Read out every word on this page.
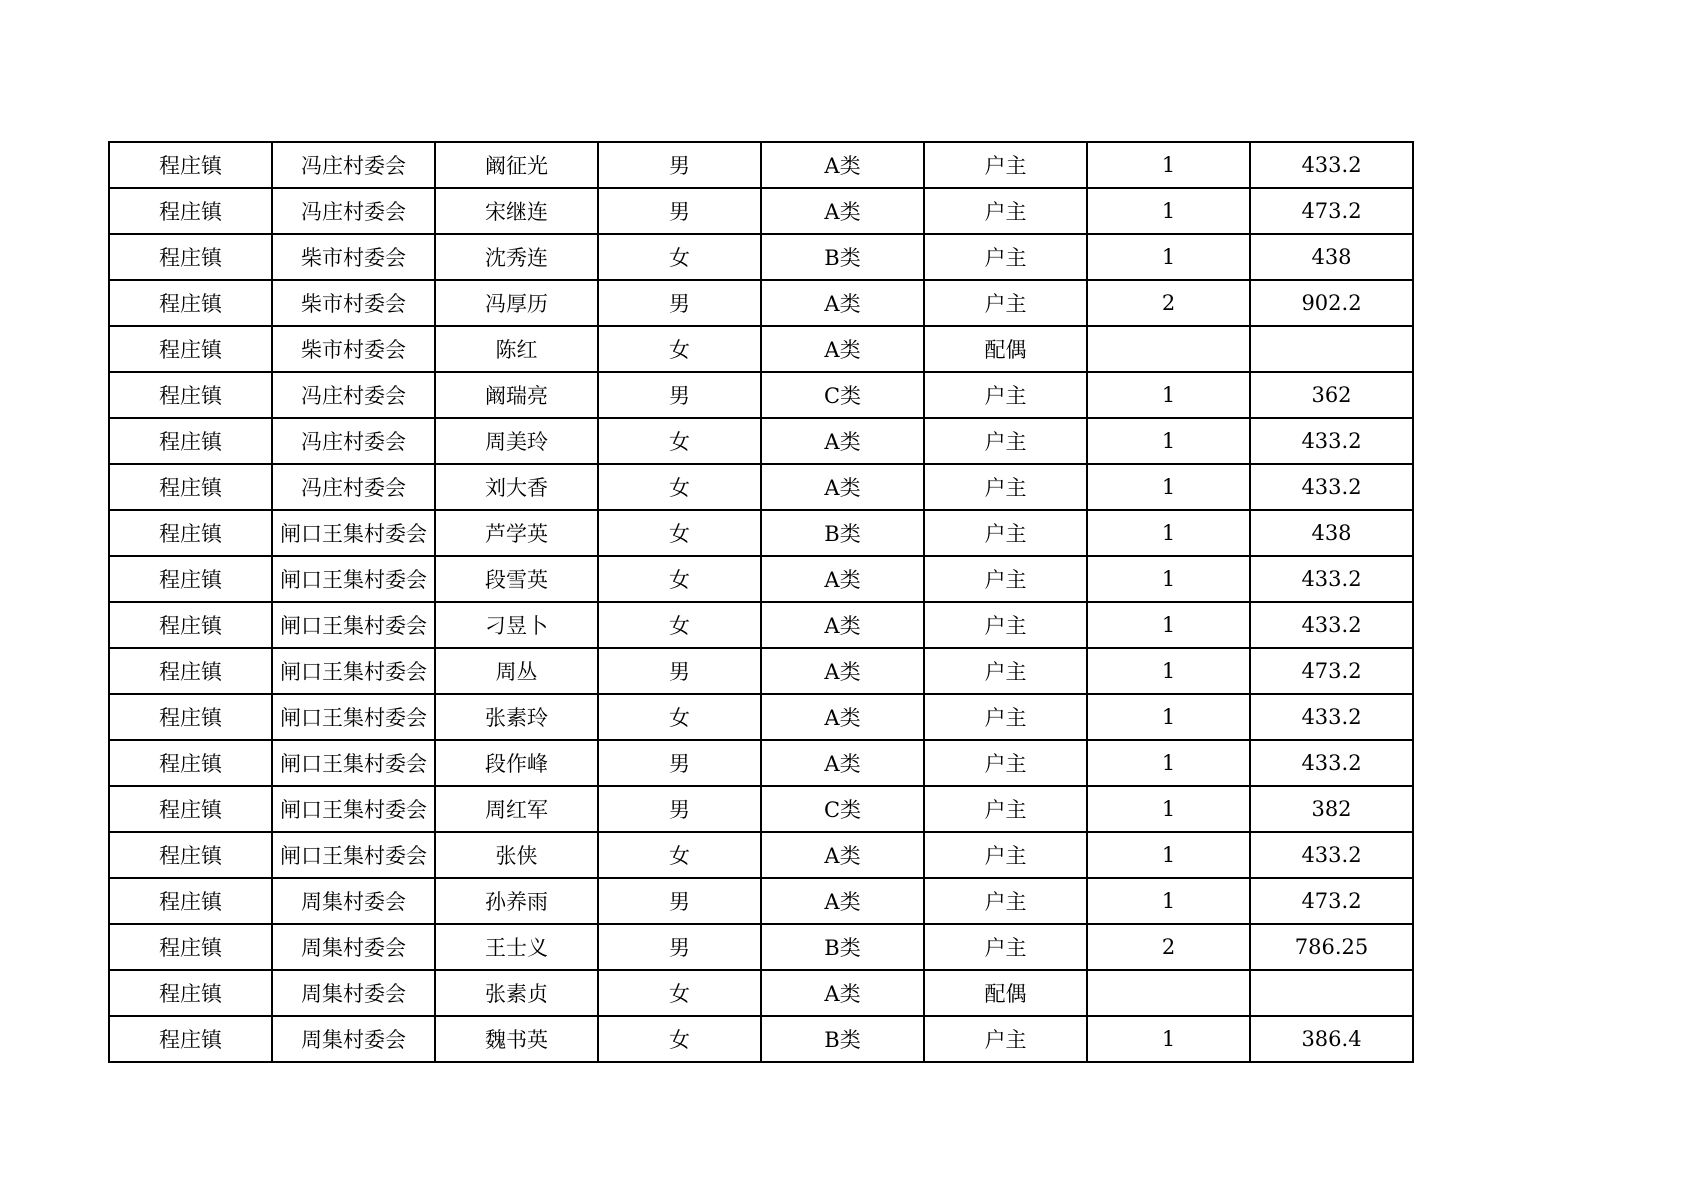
程庄镇	冯庄村委会	阚征光	男	A类	户主	1	433.2
程庄镇	冯庄村委会	宋继连	男	A类	户主	1	473.2
程庄镇	柴市村委会	沈秀连	女	B类	户主	1	438
程庄镇	柴市村委会	冯厚历	男	A类	户主	2	902.2
程庄镇	柴市村委会	陈红	女	A类	配偶		
程庄镇	冯庄村委会	阚瑞亮	男	C类	户主	1	362
程庄镇	冯庄村委会	周美玲	女	A类	户主	1	433.2
程庄镇	冯庄村委会	刘大香	女	A类	户主	1	433.2
程庄镇	闸口王集村委会	芦学英	女	B类	户主	1	438
程庄镇	闸口王集村委会	段雪英	女	A类	户主	1	433.2
程庄镇	闸口王集村委会	刁昱卜	女	A类	户主	1	433.2
程庄镇	闸口王集村委会	周丛	男	A类	户主	1	473.2
程庄镇	闸口王集村委会	张素玲	女	A类	户主	1	433.2
程庄镇	闸口王集村委会	段作峰	男	A类	户主	1	433.2
程庄镇	闸口王集村委会	周红军	男	C类	户主	1	382
程庄镇	闸口王集村委会	张侠	女	A类	户主	1	433.2
程庄镇	周集村委会	孙养雨	男	A类	户主	1	473.2
程庄镇	周集村委会	王士义	男	B类	户主	2	786.25
程庄镇	周集村委会	张素贞	女	A类	配偶		
程庄镇	周集村委会	魏书英	女	B类	户主	1	386.4
